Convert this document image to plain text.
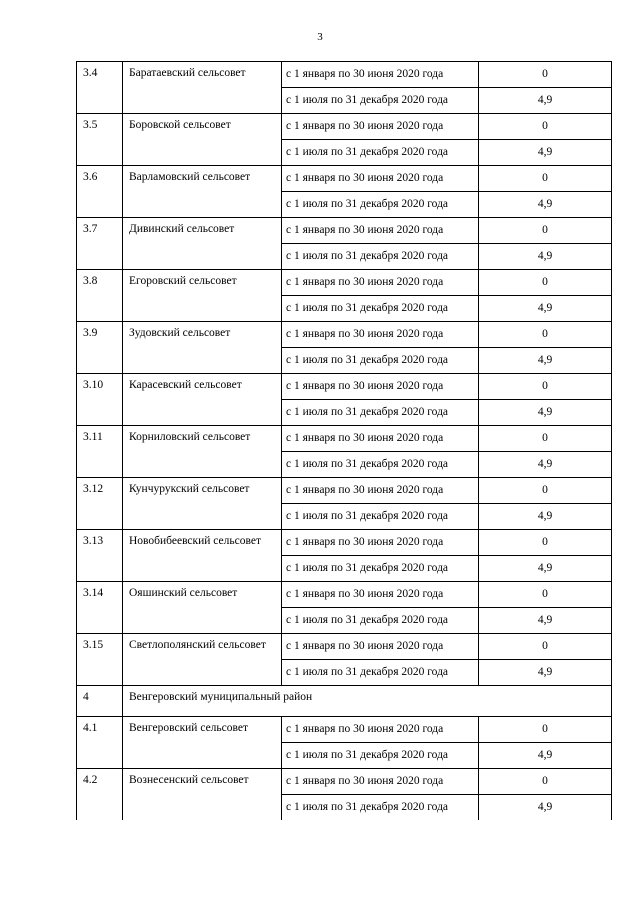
3
3.4	Баратаевский сельсовет	с 1 января по 30 июня 2020 года	0
		с 1 июля по 31 декабря 2020 года	4,9
3.5	Боровской сельсовет	с 1 января по 30 июня 2020 года	0
		с 1 июля по 31 декабря 2020 года	4,9
3.6	Варламовский сельсовет	с 1 января по 30 июня 2020 года	0
		с 1 июля по 31 декабря 2020 года	4,9
3.7	Дивинский сельсовет	с 1 января по 30 июня 2020 года	0
		с 1 июля по 31 декабря 2020 года	4,9
3.8	Егоровский сельсовет	с 1 января по 30 июня 2020 года	0
		с 1 июля по 31 декабря 2020 года	4,9
3.9	Зудовский сельсовет	с 1 января по 30 июня 2020 года	0
		с 1 июля по 31 декабря 2020 года	4,9
3.10	Карасевский сельсовет	с 1 января по 30 июня 2020 года	0
		с 1 июля по 31 декабря 2020 года	4,9
3.11	Корниловский сельсовет	с 1 января по 30 июня 2020 года	0
		с 1 июля по 31 декабря 2020 года	4,9
3.12	Кунчурукский сельсовет	с 1 января по 30 июня 2020 года	0
		с 1 июля по 31 декабря 2020 года	4,9
3.13	Новобибеевский сельсовет	с 1 января по 30 июня 2020 года	0
		с 1 июля по 31 декабря 2020 года	4,9
3.14	Ояшинский сельсовет	с 1 января по 30 июня 2020 года	0
		с 1 июля по 31 декабря 2020 года	4,9
3.15	Светлополянский сельсовет	с 1 января по 30 июня 2020 года	0
		с 1 июля по 31 декабря 2020 года	4,9
4	Венгеровский муниципальный район		
4.1	Венгеровский сельсовет	с 1 января по 30 июня 2020 года	0
		с 1 июля по 31 декабря 2020 года	4,9
4.2	Вознесенский сельсовет	с 1 января по 30 июня 2020 года	0
		с 1 июля по 31 декабря 2020 года	4,9
